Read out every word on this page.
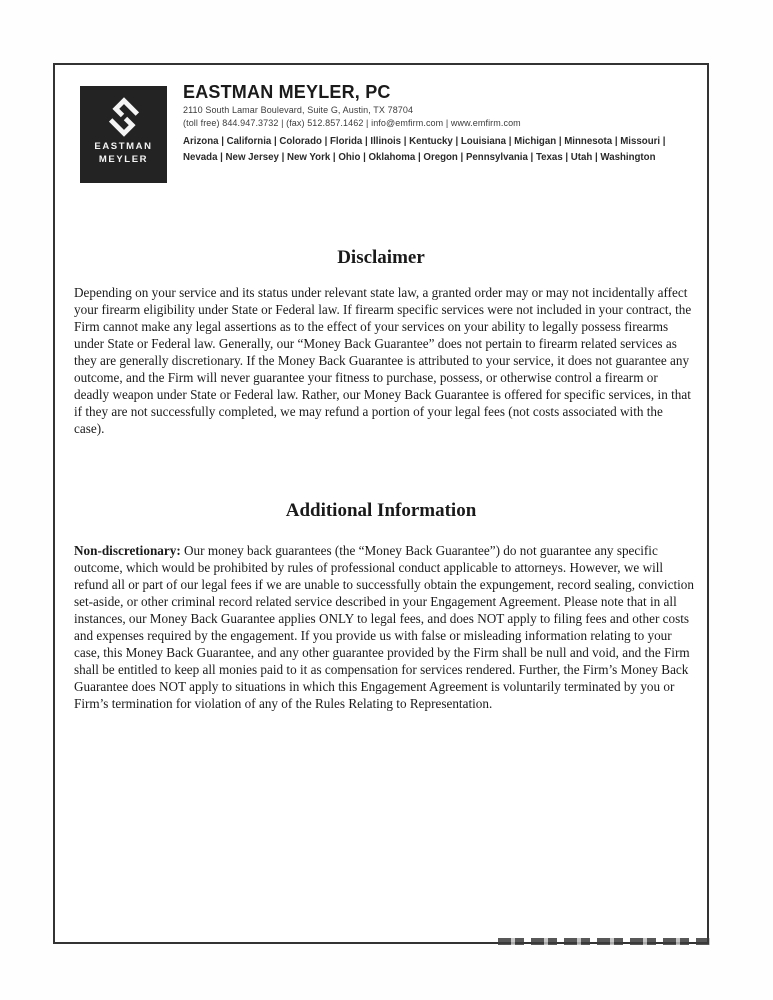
EASTMAN
MEYLER

EASTMAN MEYLER, PC

2110 South Lamar Boulevard, Suite G, Austin, TX 78704

(toll free) 844.947.3732 | (fax) 512.857.1462 | info@emfirm.com | www.emfirm.com

Arizona | California | Colorado | Florida | Illinois | Kentucky | Louisiana | Michigan | Minnesota | Missouri | Nevada | New Jersey | New York | Ohio | Oklahoma | Oregon | Pennsylvania | Texas | Utah | Washington
Disclaimer

Depending on your service and its status under relevant state law, a granted order may or may not incidentally affect your firearm eligibility under State or Federal law. If firearm specific services were not included in your contract, the Firm cannot make any legal assertions as to the effect of your services on your ability to legally possess firearms under State or Federal law. Generally, our “Money Back Guarantee” does not pertain to firearm related services as they are generally discretionary. If the Money Back Guarantee is attributed to your service, it does not guarantee any outcome, and the Firm will never guarantee your fitness to purchase, possess, or otherwise control a firearm or deadly weapon under State or Federal law. Rather, our Money Back Guarantee is offered for specific services, in that if they are not successfully completed, we may refund a portion of your legal fees (not costs associated with the case).

Additional Information

Non-discretionary: Our money back guarantees (the “Money Back Guarantee”) do not guarantee any specific outcome, which would be prohibited by rules of professional conduct applicable to attorneys. However, we will refund all or part of our legal fees if we are unable to successfully obtain the expungement, record sealing, conviction set-aside, or other criminal record related service described in your Engagement Agreement. Please note that in all instances, our Money Back Guarantee applies ONLY to legal fees, and does NOT apply to filing fees and other costs and expenses required by the engagement. If you provide us with false or misleading information relating to your case, this Money Back Guarantee, and any other guarantee provided by the Firm shall be null and void, and the Firm shall be entitled to keep all monies paid to it as compensation for services rendered. Further, the Firm’s Money Back Guarantee does NOT apply to situations in which this Engagement Agreement is voluntarily terminated by you or Firm’s termination for violation of any of the Rules Relating to Representation.
